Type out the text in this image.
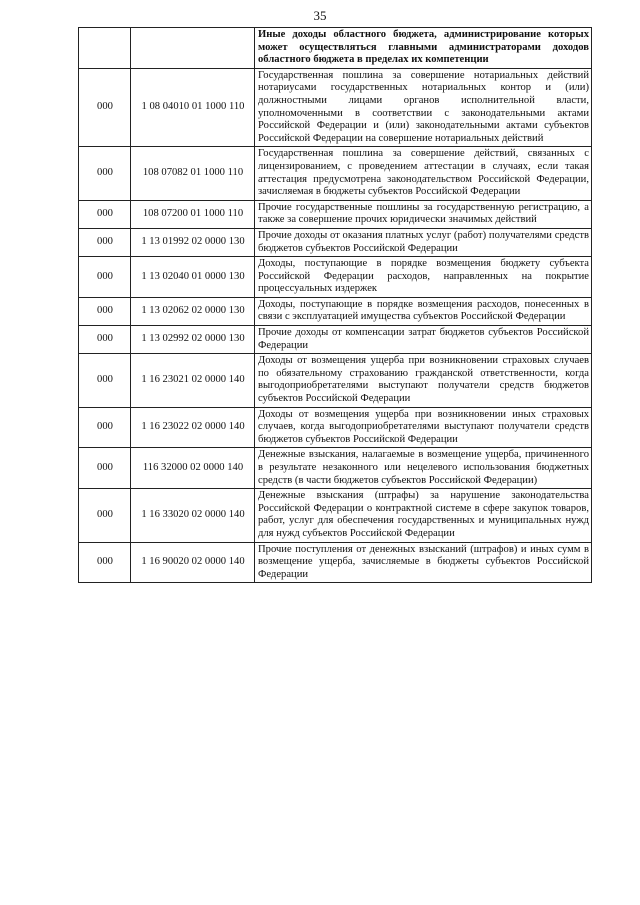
35
		Иные доходы областного бюджета, администрирование которых может осуществляться главными администраторами доходов областного бюджета в пределах их компетенции
000	1 08 04010 01 1000 110	Государственная пошлина за совершение нотариальных действий нотариусами государственных нотариальных контор и (или) должностными лицами органов исполнительной власти, уполномоченными в соответствии с законодательными актами Российской Федерации и (или) законодательными актами субъектов Российской Федерации на совершение нотариальных действий
000	108 07082 01 1000 110	Государственная пошлина за совершение действий, связанных с лицензированием, с проведением аттестации в случаях, если такая аттестация предусмотрена законодательством Российской Федерации, зачисляемая в бюджеты субъектов Российской Федерации
000	108 07200 01 1000 110	Прочие государственные пошлины за государственную регистрацию, а также за совершение прочих юридически значимых действий
000	1 13 01992 02 0000 130	Прочие доходы от оказания платных услуг (работ) получателями средств бюджетов субъектов Российской Федерации
000	1 13 02040 01 0000 130	Доходы, поступающие в порядке возмещения бюджету субъекта Российской Федерации расходов, направленных на покрытие процессуальных издержек
000	1 13 02062 02 0000 130	Доходы, поступающие в порядке возмещения расходов, понесенных в связи с эксплуатацией имущества субъектов Российской Федерации
000	1 13 02992 02 0000 130	Прочие доходы от компенсации затрат бюджетов субъектов Российской Федерации
000	1 16 23021 02 0000 140	Доходы от возмещения ущерба при возникновении страховых случаев по обязательному страхованию гражданской ответственности, когда выгодоприобретателями выступают получатели средств бюджетов субъектов Российской Федерации
000	1 16 23022 02 0000 140	Доходы от возмещения ущерба при возникновении иных страховых случаев, когда выгодоприобретателями выступают получатели средств бюджетов субъектов Российской Федерации
000	116 32000 02 0000 140	Денежные взыскания, налагаемые в возмещение ущерба, причиненного в результате незаконного или нецелевого использования бюджетных средств (в части бюджетов субъектов Российской Федерации)
000	1 16 33020 02 0000 140	Денежные взыскания (штрафы) за нарушение законодательства Российской Федерации о контрактной системе в сфере закупок товаров, работ, услуг для обеспечения государственных и муниципальных нужд для нужд субъектов Российской Федерации
000	1 16 90020 02 0000 140	Прочие поступления от денежных взысканий (штрафов) и иных сумм в возмещение ущерба, зачисляемые в бюджеты субъектов Российской Федерации
